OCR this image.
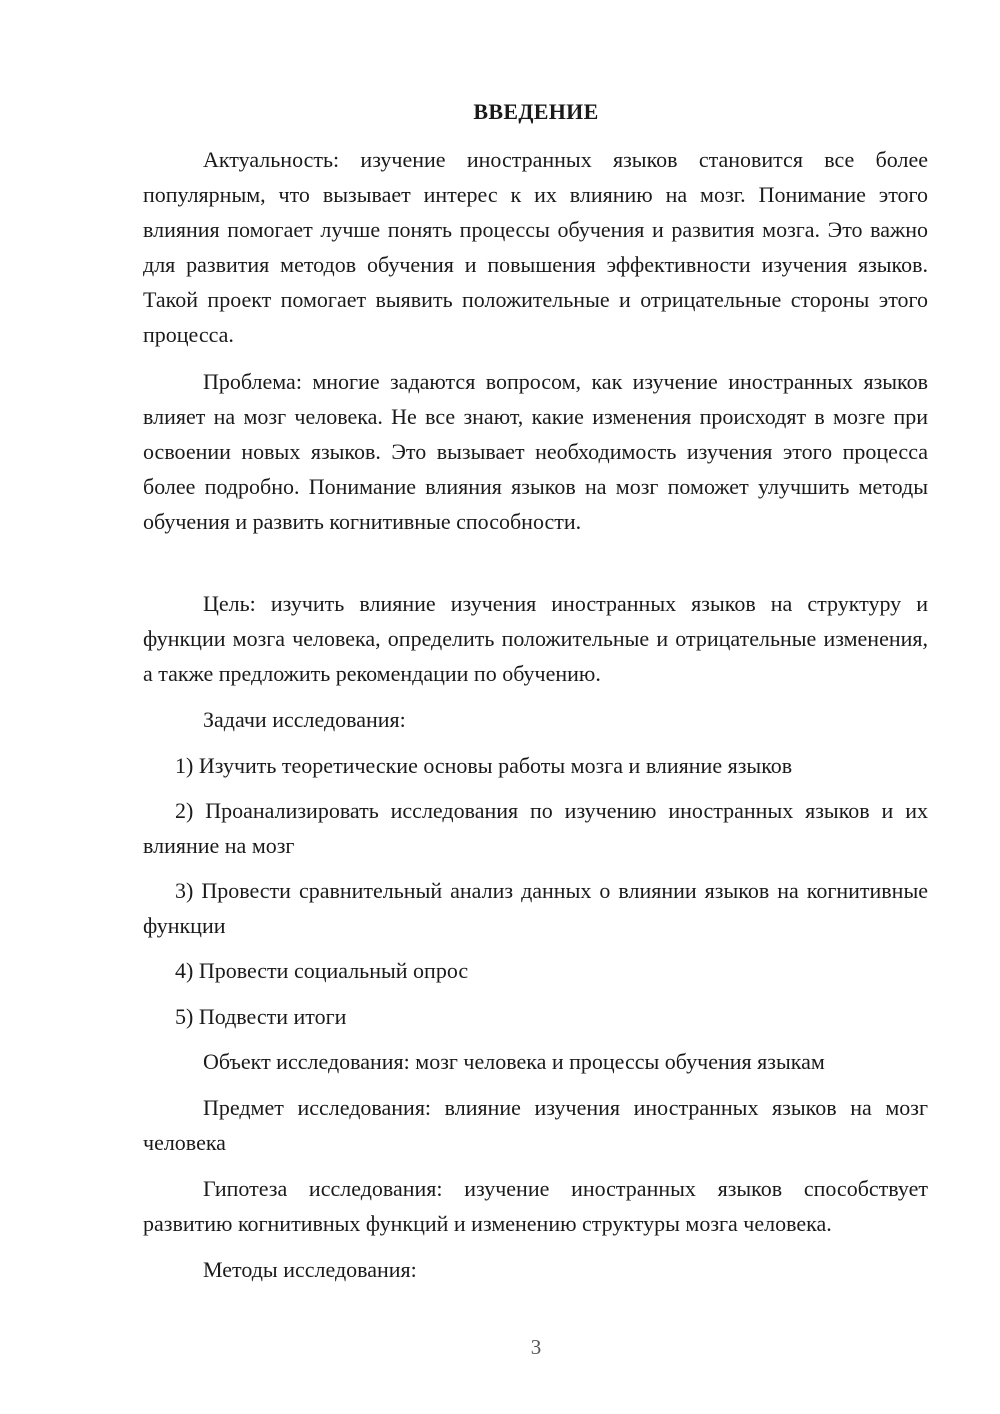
ВВЕДЕНИЕ

Актуальность: изучение иностранных языков становится все более популярным, что вызывает интерес к их влиянию на мозг. Понимание этого влияния помогает лучше понять процессы обучения и развития мозга. Это важно для развития методов обучения и повышения эффективности изучения языков. Такой проект помогает выявить положительные и отрицательные стороны этого процесса.

Проблема: многие задаются вопросом, как изучение иностранных языков влияет на мозг человека. Не все знают, какие изменения происходят в мозге при освоении новых языков. Это вызывает необходимость изучения этого процесса более подробно. Понимание влияния языков на мозг поможет улучшить методы обучения и развить когнитивные способности.

Цель: изучить влияние изучения иностранных языков на структуру и функции мозга человека, определить положительные и отрицательные изменения, а также предложить рекомендации по обучению.

Задачи исследования:

1) Изучить теоретические основы работы мозга и влияние языков

2) Проанализировать исследования по изучению иностранных языков и их влияние на мозг

3) Провести сравнительный анализ данных о влиянии языков на когнитивные функции

4) Провести социальный опрос

5) Подвести итоги

Объект исследования: мозг человека и процессы обучения языкам

Предмет исследования: влияние изучения иностранных языков на мозг человека

Гипотеза исследования: изучение иностранных языков способствует развитию когнитивных функций и изменению структуры мозга человека.

Методы исследования:

3
